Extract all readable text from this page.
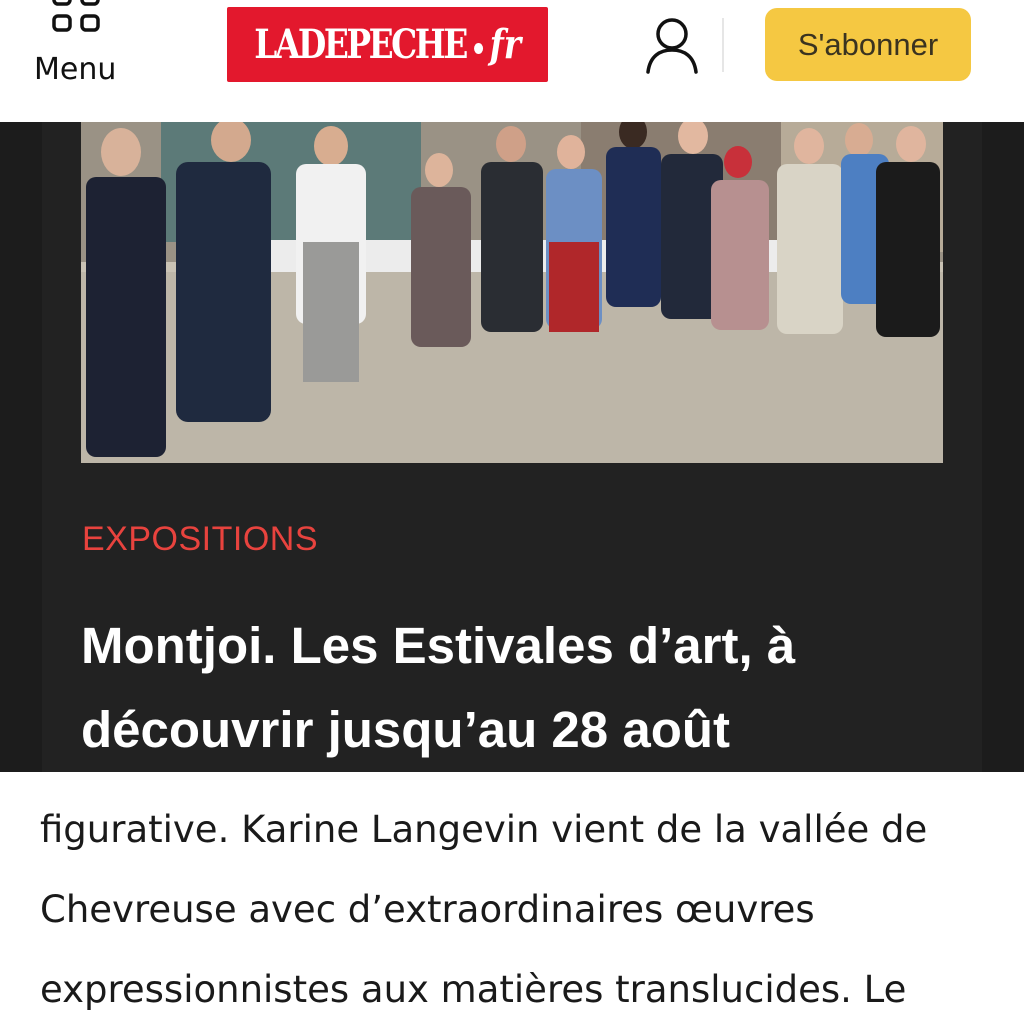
Menu
LADEPECHE fr	S'abonner
EXPOSITIONS
Montjoi. Les Estivales d’art, à découvrir jusqu’au 28 août

figurative. Karine Langevin vient de la vallée de Chevreuse avec d’extraordinaires œuvres expressionnistes aux matières translucides. Le
